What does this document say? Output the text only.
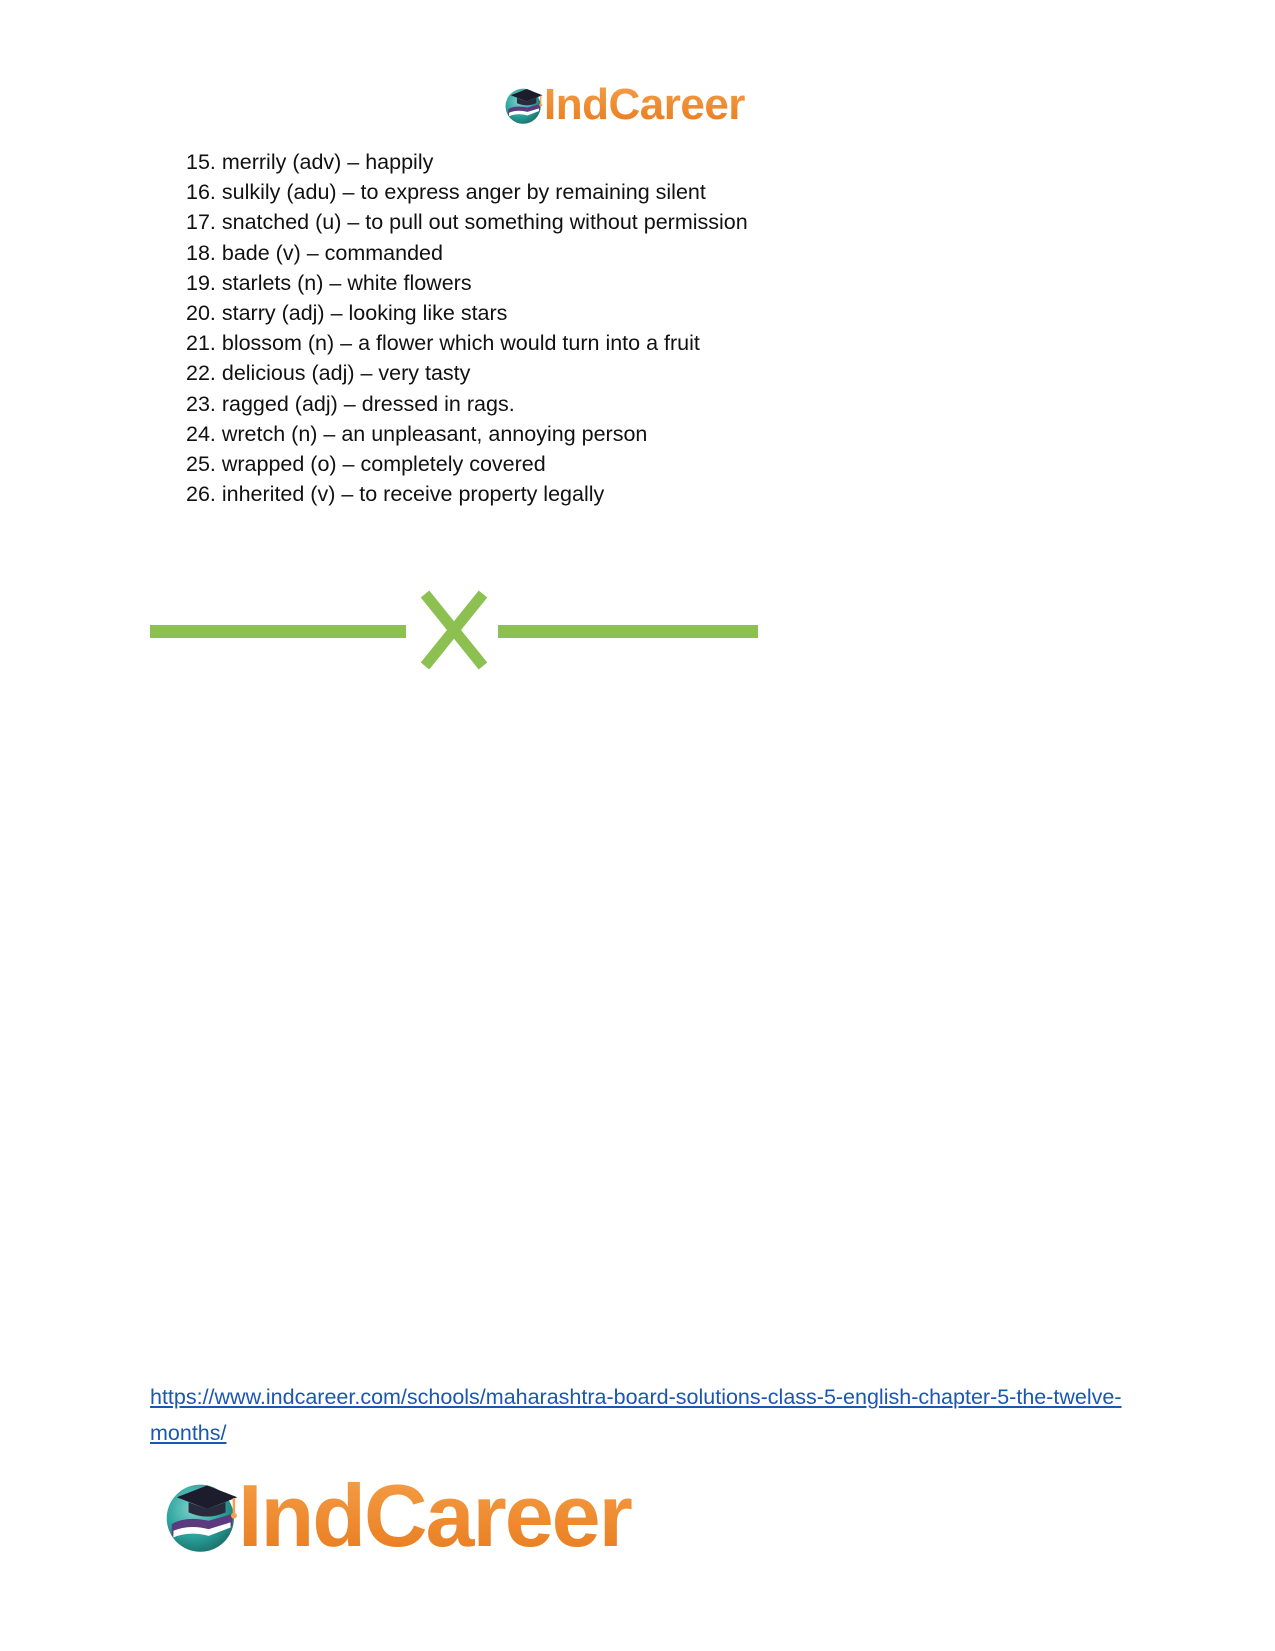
IndCareer
15. merrily (adv) – happily
16. sulkily (adu) – to express anger by remaining silent
17. snatched (u) – to pull out something without permission
18. bade (v) – commanded
19. starlets (n) – white flowers
20. starry (adj) – looking like stars
21. blossom (n) – a flower which would turn into a fruit
22. delicious (adj) – very tasty
23. ragged (adj) – dressed in rags.
24. wretch (n) – an unpleasant, annoying person
25. wrapped (o) – completely covered
26. inherited (v) – to receive property legally
https://www.indcareer.com/schools/maharashtra-board-solutions-class-5-english-chapter-5-the-twelve-months/
IndCareer
